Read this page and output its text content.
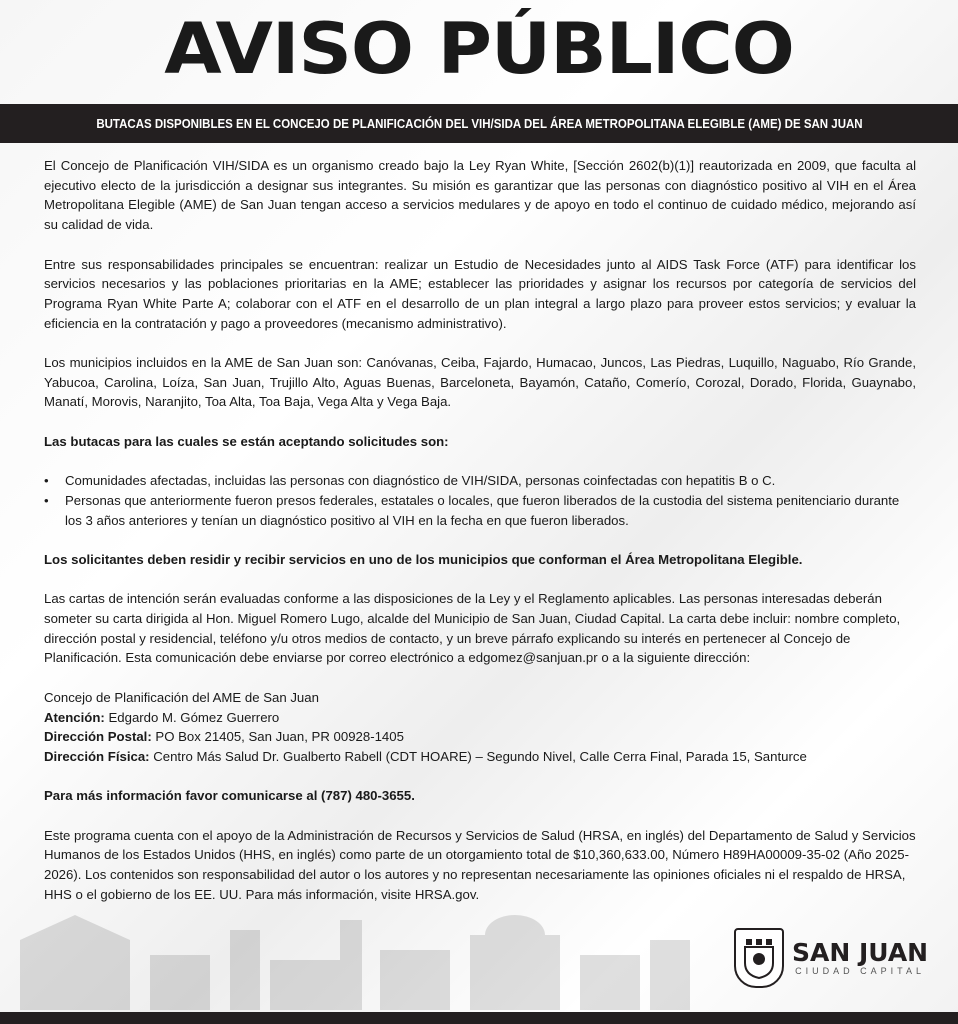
AVISO PÚBLICO
BUTACAS DISPONIBLES EN EL CONCEJO DE PLANIFICACIÓN DEL VIH/SIDA DEL ÁREA METROPOLITANA ELEGIBLE (AME) DE SAN JUAN

El Concejo de Planificación VIH/SIDA es un organismo creado bajo la Ley Ryan White, [Sección 2602(b)(1)] reautorizada en 2009, que faculta al ejecutivo electo de la jurisdicción a designar sus integrantes. Su misión es garantizar que las personas con diagnóstico positivo al VIH en el Área Metropolitana Elegible (AME) de San Juan tengan acceso a servicios medulares y de apoyo en todo el continuo de cuidado médico, mejorando así su calidad de vida.

Entre sus responsabilidades principales se encuentran: realizar un Estudio de Necesidades junto al AIDS Task Force (ATF) para identificar los servicios necesarios y las poblaciones prioritarias en la AME; establecer las prioridades y asignar los recursos por categoría de servicios del Programa Ryan White Parte A; colaborar con el ATF en el desarrollo de un plan integral a largo plazo para proveer estos servicios; y evaluar la eficiencia en la contratación y pago a proveedores (mecanismo administrativo).

Los municipios incluidos en la AME de San Juan son: Canóvanas, Ceiba, Fajardo, Humacao, Juncos, Las Piedras, Luquillo, Naguabo, Río Grande, Yabucoa, Carolina, Loíza, San Juan, Trujillo Alto, Aguas Buenas, Barceloneta, Bayamón, Cataño, Comerío, Corozal, Dorado, Florida, Guaynabo, Manatí, Morovis, Naranjito, Toa Alta, Toa Baja, Vega Alta y Vega Baja.

Las butacas para las cuales se están aceptando solicitudes son:

• Comunidades afectadas, incluidas las personas con diagnóstico de VIH/SIDA, personas coinfectadas con hepatitis B o C.
• Personas que anteriormente fueron presos federales, estatales o locales, que fueron liberados de la custodia del sistema penitenciario durante los 3 años anteriores y tenían un diagnóstico positivo al VIH en la fecha en que fueron liberados.

Los solicitantes deben residir y recibir servicios en uno de los municipios que conforman el Área Metropolitana Elegible.

Las cartas de intención serán evaluadas conforme a las disposiciones de la Ley y el Reglamento aplicables. Las personas interesadas deberán someter su carta dirigida al Hon. Miguel Romero Lugo, alcalde del Municipio de San Juan, Ciudad Capital. La carta debe incluir: nombre completo, dirección postal y residencial, teléfono y/u otros medios de contacto, y un breve párrafo explicando su interés en pertenecer al Concejo de Planificación. Esta comunicación debe enviarse por correo electrónico a edgomez@sanjuan.pr o a la siguiente dirección:

Concejo de Planificación del AME de San Juan
Atención: Edgardo M. Gómez Guerrero
Dirección Postal: PO Box 21405, San Juan, PR 00928-1405
Dirección Física: Centro Más Salud Dr. Gualberto Rabell (CDT HOARE) – Segundo Nivel, Calle Cerra Final, Parada 15, Santurce

Para más información favor comunicarse al (787) 480-3655.

Este programa cuenta con el apoyo de la Administración de Recursos y Servicios de Salud (HRSA, en inglés) del Departamento de Salud y Servicios Humanos de los Estados Unidos (HHS, en inglés) como parte de un otorgamiento total de $10,360,633.00, Número H89HA00009-35-02 (Año 2025-2026). Los contenidos son responsabilidad del autor o los autores y no representan necesariamente las opiniones oficiales ni el respaldo de HRSA, HHS o el gobierno de los EE. UU. Para más información, visite HRSA.gov.

SAN JUAN
CIUDAD CAPITAL
